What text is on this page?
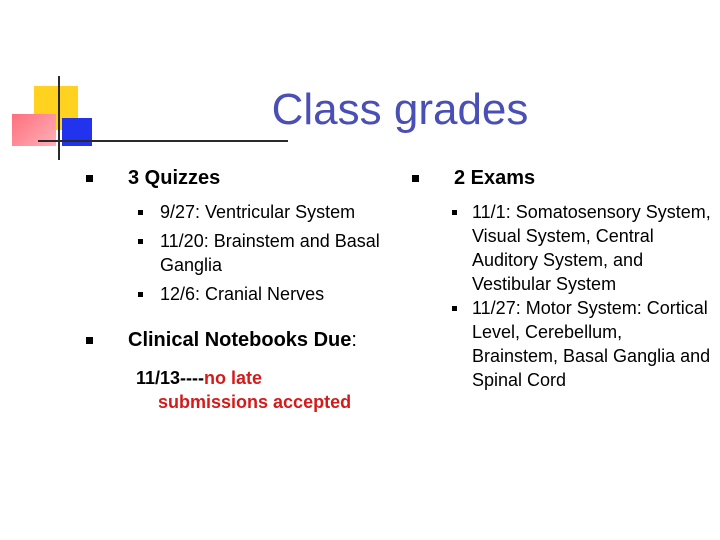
Class grades
3 Quizzes
9/27: Ventricular System
11/20: Brainstem and Basal Ganglia
12/6: Cranial Nerves
Clinical Notebooks Due:
11/13----no late
submissions accepted
2 Exams
11/1: Somatosensory System, Visual System, Central Auditory System, and Vestibular System
11/27: Motor System: Cortical Level, Cerebellum, Brainstem, Basal Ganglia and Spinal Cord
